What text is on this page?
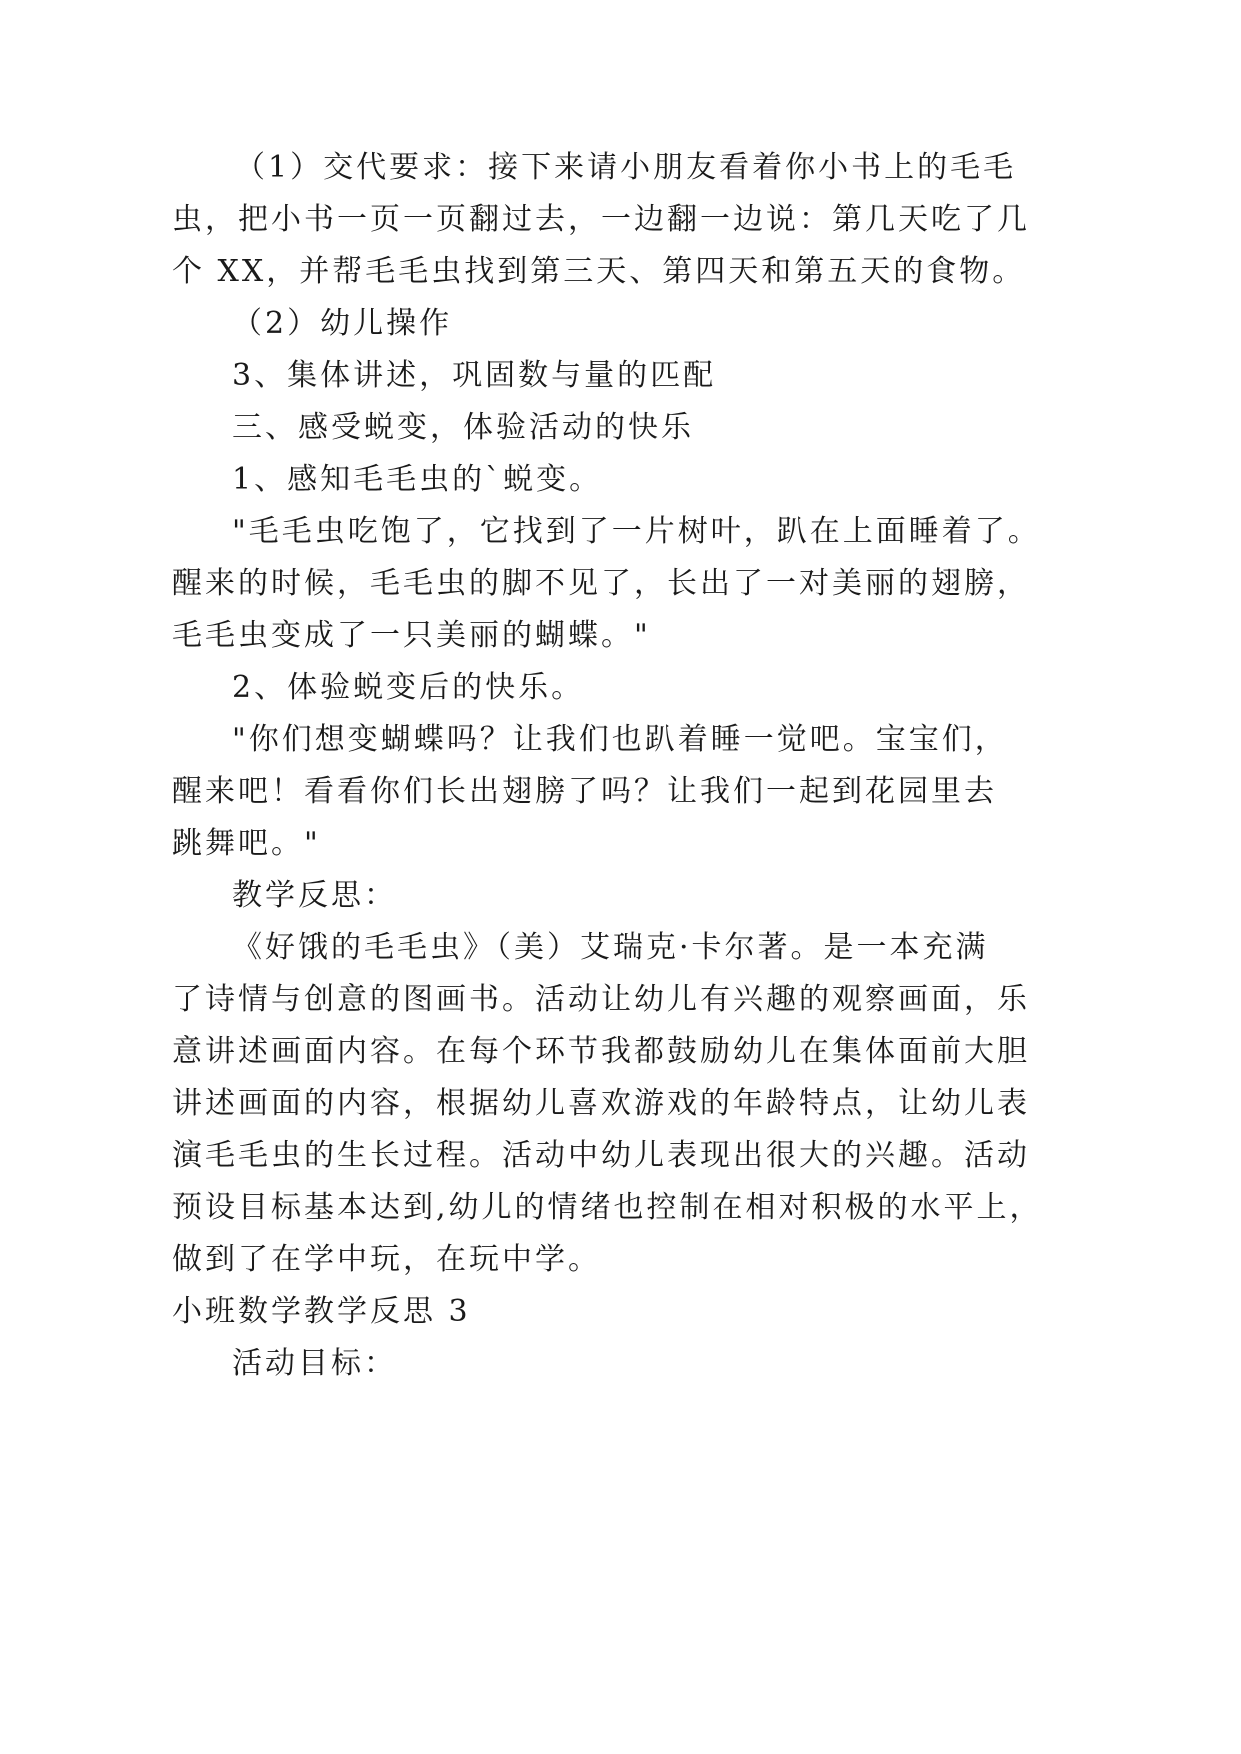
（1）交代要求：接下来请小朋友看着你小书上的毛毛
虫，把小书一页一页翻过去，一边翻一边说：第几天吃了几
个 XX，并帮毛毛虫找到第三天、第四天和第五天的食物。
（2）幼儿操作
3、集体讲述，巩固数与量的匹配
三、感受蜕变，体验活动的快乐
1、感知毛毛虫的`蜕变。
"毛毛虫吃饱了，它找到了一片树叶，趴在上面睡着了。
醒来的时候，毛毛虫的脚不见了，长出了一对美丽的翅膀，
毛毛虫变成了一只美丽的蝴蝶。"
2、体验蜕变后的快乐。
"你们想变蝴蝶吗？让我们也趴着睡一觉吧。宝宝们，
醒来吧！看看你们长出翅膀了吗？让我们一起到花园里去
跳舞吧。"
教学反思：
《好饿的毛毛虫》（美）艾瑞克·卡尔著。是一本充满
了诗情与创意的图画书。活动让幼儿有兴趣的观察画面，乐
意讲述画面内容。在每个环节我都鼓励幼儿在集体面前大胆
讲述画面的内容，根据幼儿喜欢游戏的年龄特点，让幼儿表
演毛毛虫的生长过程。活动中幼儿表现出很大的兴趣。活动
预设目标基本达到,幼儿的情绪也控制在相对积极的水平上，
做到了在学中玩，在玩中学。
小班数学教学反思 3
活动目标：
